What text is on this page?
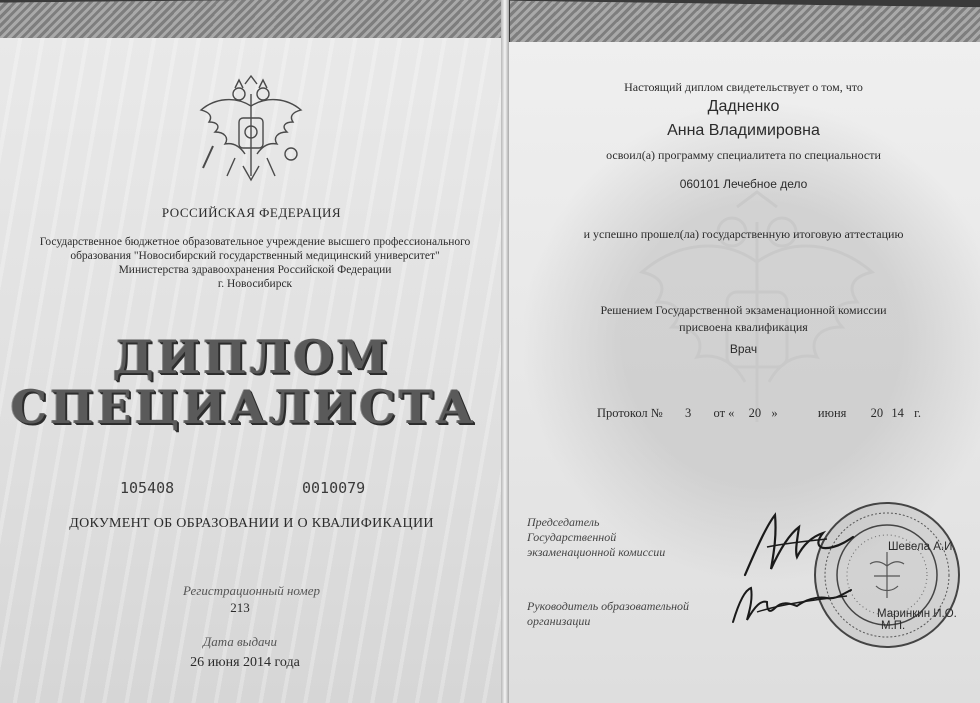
РОССИЙСКАЯ ФЕДЕРАЦИЯ
Государственное бюджетное образовательное учреждение высшего профессионального
образования "Новосибирский государственный медицинский университет"
Министерства здравоохранения Российской Федерации
г. Новосибирск
ДИПЛОМ
СПЕЦИАЛИСТА
105408	0010079
ДОКУМЕНТ ОБ ОБРАЗОВАНИИ И О КВАЛИФИКАЦИИ
Регистрационный номер
213
Дата выдачи
26 июня 2014 года
Настоящий диплом свидетельствует о том, что
Дадненко
Анна Владимировна
освоил(а) программу специалитета по специальности
060101 Лечебное дело
и успешно прошел(ла) государственную итоговую аттестацию
Решением Государственной экзаменационной комиссии
присвоена квалификация
Врач
Протокол № 3 от « 20 »	июня 20 14 г.
Председатель
Государственной
экзаменационной комиссии
Руководитель образовательной
организации
Шевела А.И.
Маринкин И.О.
М.П.
